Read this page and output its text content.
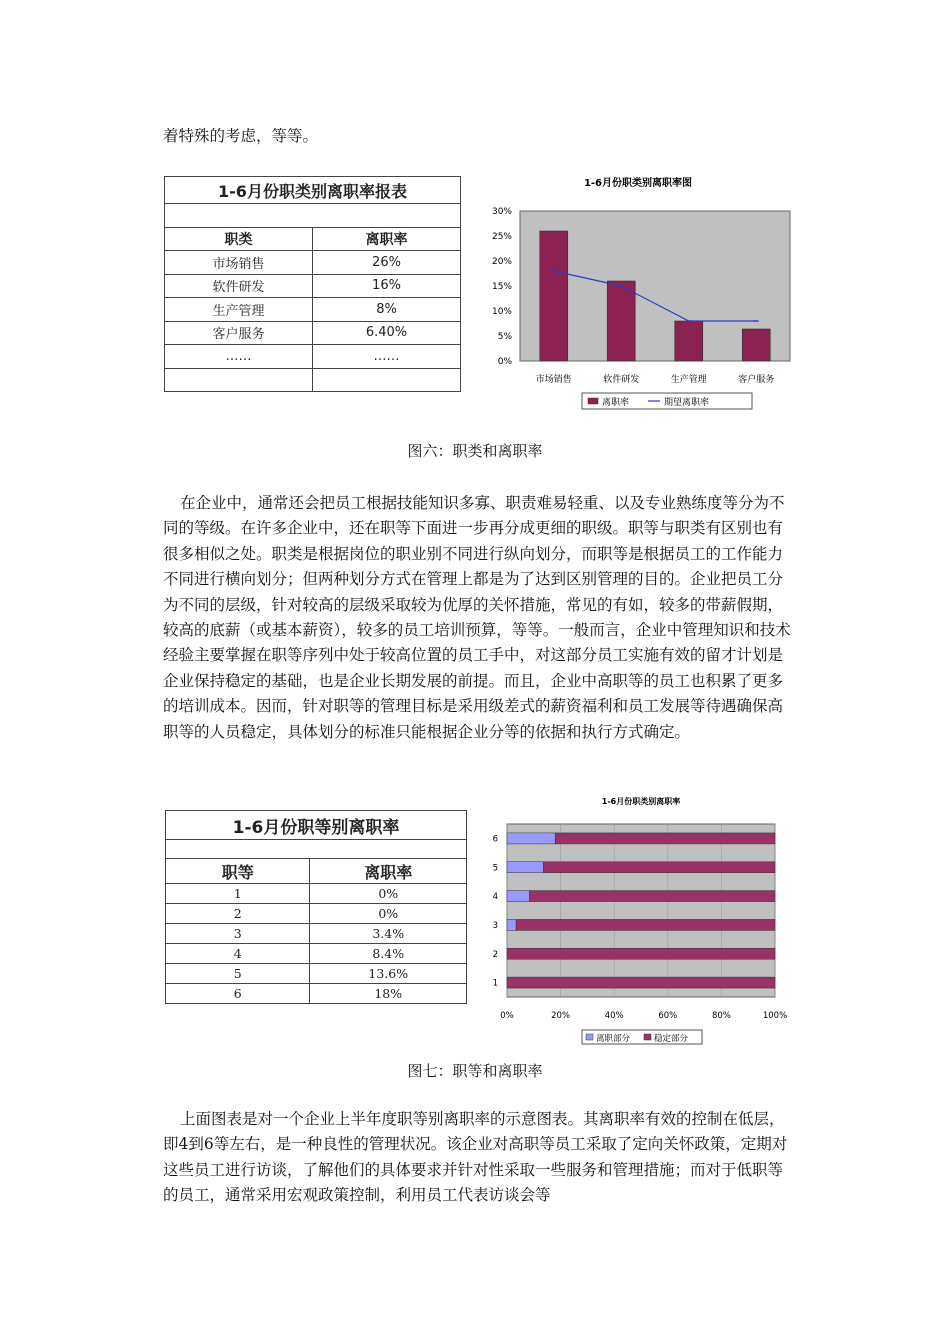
着特殊的考虑，等等。

1-6月份职类别离职率报表	

职类	离职率
市场销售	26%
软件研发	16%
生产管理	8%
客户服务	6.40%
……	……

1-6月份职类别离职率图
0%
5%
10%
15%
20%
25%
30%
市场销售	软件研发	生产管理	客户服务
离职率	期望离职率
图六：职类和离职率

在企业中，通常还会把员工根据技能知识多寡、职责难易轻重、以及专业熟练度等分为不同的等级。在许多企业中，还在职等下面进一步再分成更细的职级。职等与职类有区别也有很多相似之处。职类是根据岗位的职业别不同进行纵向划分，而职等是根据员工的工作能力不同进行横向划分；但两种划分方式在管理上都是为了达到区别管理的目的。企业把员工分为不同的层级，针对较高的层级采取较为优厚的关怀措施，常见的有如，较多的带薪假期，较高的底薪（或基本薪资），较多的员工培训预算，等等。一般而言，企业中管理知识和技术经验主要掌握在职等序列中处于较高位置的员工手中，对这部分员工实施有效的留才计划是企业保持稳定的基础，也是企业长期发展的前提。而且，企业中高职等的员工也积累了更多的培训成本。因而，针对职等的管理目标是采用级差式的薪资福利和员工发展等待遇确保高职等的人员稳定，具体划分的标准只能根据企业分等的依据和执行方式确定。

1-6月份职等别离职率	

职等	离职率
1	0%
2	0%
3	3.4%
4	8.4%
5	13.6%
6	18%
1-6月份职类别离职率
0%	20%	40%	60%	80%	100%
1
2
3
4
5
6
离职部分	稳定部分
图七：职等和离职率

上面图表是对一个企业上半年度职等别离职率的示意图表。其离职率有效的控制在低层，即4到6等左右，是一种良性的管理状况。该企业对高职等员工采取了定向关怀政策，定期对这些员工进行访谈，了解他们的具体要求并针对性采取一些服务和管理措施；而对于低职等的员工，通常采用宏观政策控制，利用员工代表访谈会等
